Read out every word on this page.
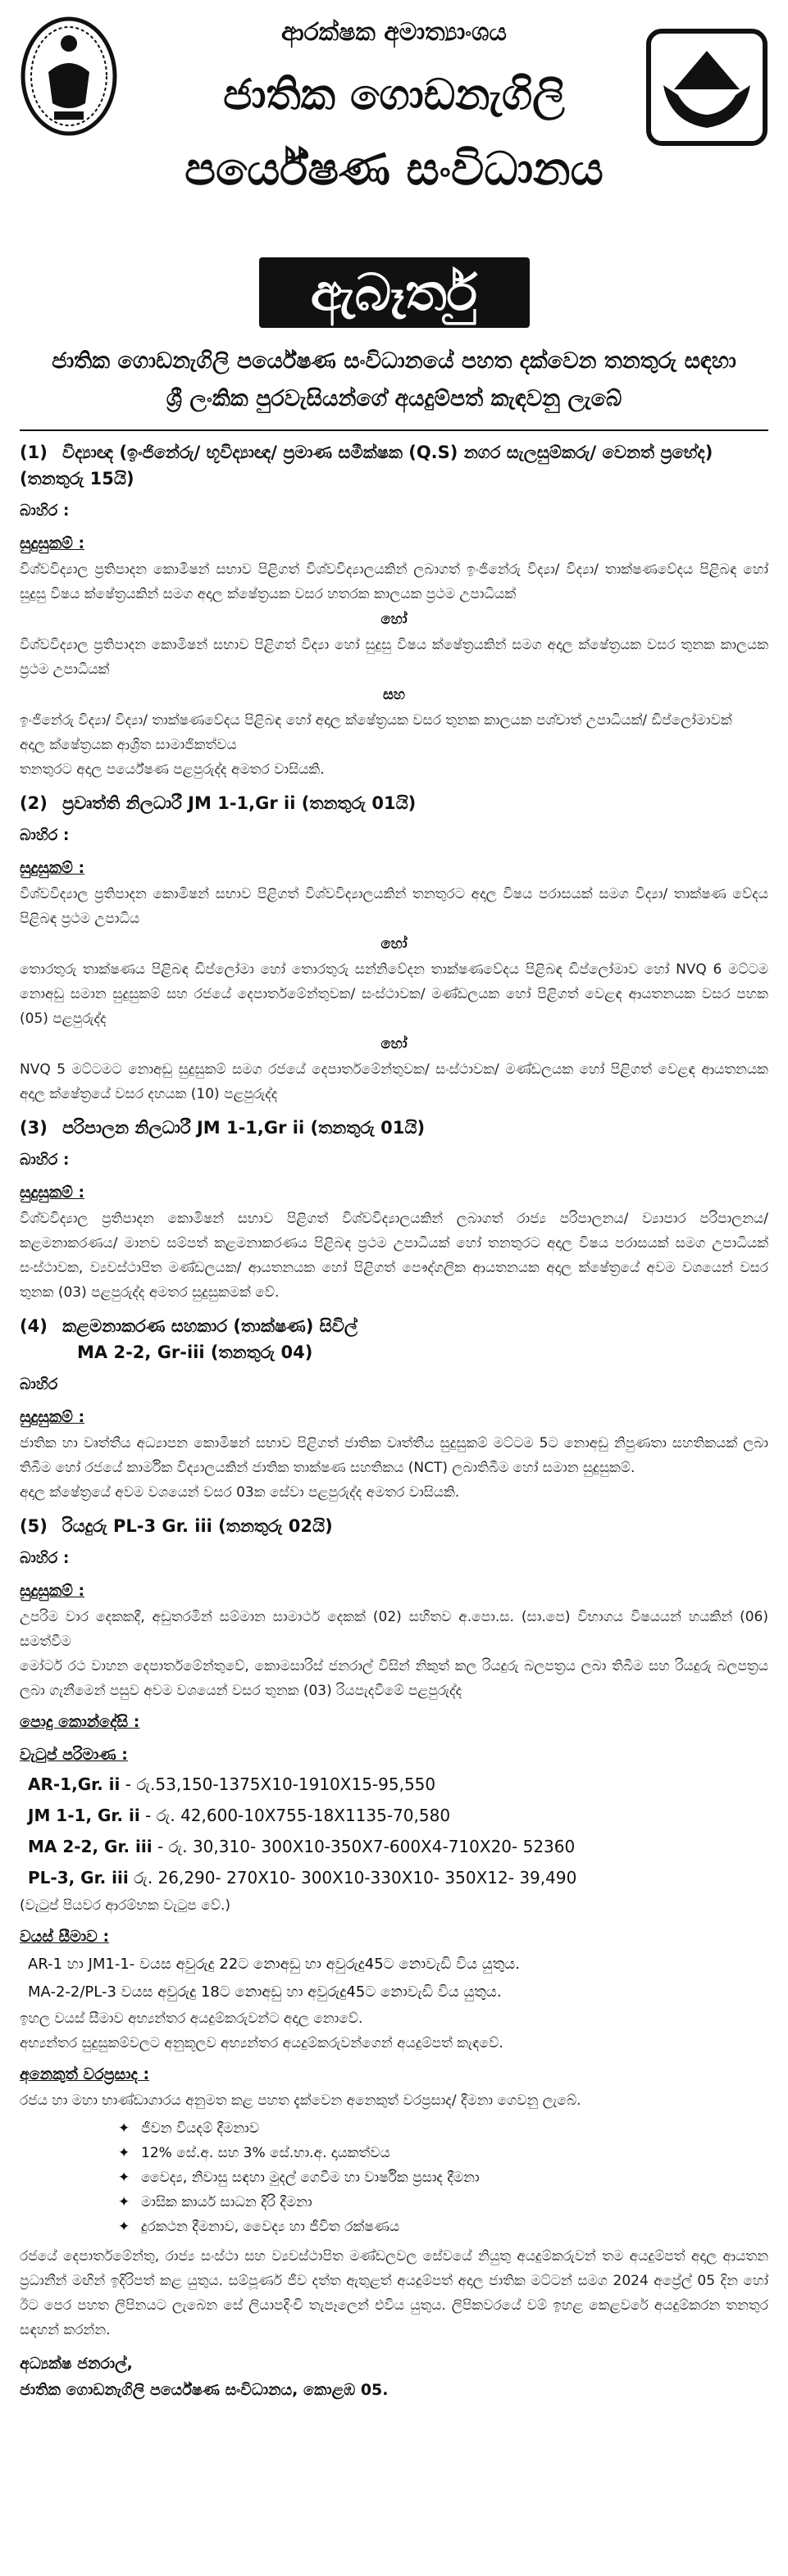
ආරක්ෂක අමාත්‍යාංශය
ජාතික ගොඩනැගිලි
පර්යේෂණ සංවිධානය
ඇබෑර්තු
ජාතික ගොඩනැගිලි පර්යේෂණ සංවිධානයේ පහත දක්වෙන තනතුරු සඳහා
ශ්‍රී ලංකික පුරවැසියන්ගේ අයදුම්පත් කැඳවනු ලැබේ
(1) විද්‍යාඥ (ඉංජිනේරු/ භූවිද්‍යාඥ/ ප්‍රමාණ සමීක්ෂක (Q.S) නගර සැලසුම්කරු/ වෙනත් ප්‍රභේද) (තනතුරු 15යි)
බාහිර :
සුදුසුකම් :
විශ්වවිද්‍යාල ප්‍රතිපාදන කොමිෂන් සභාව පිළිගත් විශ්වවිද්‍යාලයකින් ලබාගත් ඉංජිනේරු විද්‍යා/ විද්‍යා/ තාක්ෂණවේදය පිළිබඳ හෝ සුදුසු විෂය ක්ෂේත්‍රයකින් සමග අදාල ක්ෂේත්‍රයක වසර හතරක කාලයක ප්‍රථම උපාධියක්
හෝ
විශ්වවිද්‍යාල ප්‍රතිපාදන කොමිෂන් සභාව පිළිගත් විද්‍යා හෝ සුදුසු විෂය ක්ෂේත්‍රයකින් සමග අදාල ක්ෂේත්‍රයක වසර තුනක කාලයක ප්‍රථම උපාධියක්
සහ
ඉංජිනේරු විද්‍යා/ විද්‍යා/ තාක්ෂණවේදය පිළිබඳ හෝ අදාල ක්ෂේත්‍රයක වසර තුනක කාලයක පශ්චාත් උපාධියක්/ ඩිප්ලෝමාවක්
අදාල ක්ෂේත්‍රයක ආශ්‍රිත සාමාජිකත්වය
තනතුරට අදාල පර්යේෂණ පළපුරුද්ද අමතර වාසියකි.
(2) ප්‍රවෘත්ති නිලධාරී JM 1-1,Gr ii (තනතුරු 01යි)
බාහිර :
සුදුසුකම් :
විශ්වවිද්‍යාල ප්‍රතිපාදන කොමිෂන් සභාව පිළිගත් විශ්වවිද්‍යාලයකින් තනතුරට අදාල විෂය පරාසයක් සමග විද්‍යා/ තාක්ෂණ වේදය පිළිබඳ ප්‍රථම උපාධිය
හෝ
තොරතුරු තාක්ෂණය පිළිබඳ ඩිප්ලෝමා හෝ තොරතුරු සන්නිවේදන තාක්ෂණවේදය පිළිබඳ ඩිප්ලෝමාව හෝ NVQ 6 මට්ටම නොඅඩු සමාන සුදුසුකම් සහ රජයේ දෙපාර්තමේන්තුවක/ සංස්ථාවක/ මණ්ඩලයක හෝ පිළිගත් වෙළඳ ආයතනයක වසර පහක (05) පළපුරුද්ද
හෝ
NVQ 5 මට්ටමට නොඅඩු සුදුසුකම් සමග රජයේ දෙපාර්තමේන්තුවක/ සංස්ථාවක/ මණ්ඩලයක හෝ පිළිගත් වෙළඳ ආයතනයක අදාල ක්ෂේත්‍රයේ වසර දහයක (10) පළපුරුද්ද
(3) පරිපාලන නිලධාරී JM 1-1,Gr ii (තනතුරු 01යි)
බාහිර :
සුදුසුකම් :
විශ්වවිද්‍යාල ප්‍රතිපාදන කොමිෂන් සභාව පිළිගත් විශ්වවිද්‍යාලයකින් ලබාගත් රාජ්‍ය පරිපාලනය/ ව්‍යාපාර පරිපාලනය/ කළමනාකරණය/ මානව සම්පත් කළමනාකරණය පිළිබඳ ප්‍රථම උපාධියක් හෝ තනතුරට අදාල විෂය පරාසයක් සමග උපාධියක් සංස්ථාවක, ව්‍යවස්ථාපිත මණ්ඩලයක/ ආයතනයක හෝ පිළිගත් පෞද්ගලික ආයතනයක අදාල ක්ෂේත්‍රයේ අවම වශයෙන් වසර තුනක (03) පළපුරුද්ද අමතර සුදුසුකමක් වේ.
(4) කළමනාකරණ සහකාර (තාක්ෂණ) සිවිල්
MA 2-2, Gr-iii (තනතුරු 04)
බාහිර
සුදුසුකම් :
ජාතික හා වෘත්තීය අධ්‍යාපන කොමිෂන් සභාව පිළිගත් ජාතික වෘත්තීය සුදුසුකම් මට්ටම 5ට නොඅඩු නිපුණතා සහතිකයක් ලබා තිබීම හෝ රජයේ කාර්මික විද්‍යාලයකින් ජාතික තාක්ෂණ සහතිකය (NCT) ලබාතිබීම හෝ සමාන සුදුසුකම්.
අදාල ක්ෂේත්‍රයේ අවම වශයෙන් වසර 03ක සේවා පළපුරුද්ද අමතර වාසියකි.
(5) රියදුරු PL-3 Gr. iii (තනතුරු 02යි)
බාහිර :
සුදුසුකම් :
උපරිම වාර දෙකකදී, අඩුතරමින් සම්මාන සාමාර්ථ දෙකක් (02) සහිතව අ.පො.ස. (සා.පෙ) විභාගය විෂයයන් හයකින් (06) සමත්වීම
මෝටර් රථ වාහන දෙපාර්තමේන්තුවේ, කොමසාරිස් ජනරාල් විසින් නිකුත් කල රියදුරු බලපත්‍රය ලබා තිබීම සහ රියදුරු බලපත්‍රය ලබා ගැනීමෙන් පසුව අවම වශයෙන් වසර තුනක (03) රියපැදවීමේ පළපුරුද්ද
පොදු කොන්දේසි :
වැටුප් පරිමාණ :
AR-1,Gr. ii - රු.53,150-1375X10-1910X15-95,550
JM 1-1, Gr. ii - රු. 42,600-10X755-18X1135-70,580
MA 2-2, Gr. iii - රු. 30,310- 300X10-350X7-600X4-710X20- 52360
PL-3, Gr. iii රු. 26,290- 270X10- 300X10-330X10- 350X12- 39,490
(වැටුප් පියවර ආරම්භක වැටුප වේ.)
වයස් සීමාව :
AR-1 හා JM1-1- වයස අවුරුදු 22ට නොඅඩු හා අවුරුදු45ට නොවැඩි විය යුතුය.
MA-2-2/PL-3 වයස අවුරුදු 18ට නොඅඩු හා අවුරුදු45ට නොවැඩි විය යුතුය.
ඉහල වයස් සීමාව අභ්‍යන්තර අයදුම්කරුවන්ට අදාල නොවේ.
අභ්‍යන්තර සුදුසුකම්වලට අනුකූලව අභ්‍යන්තර අයදුම්කරුවන්ගෙන් අයදුම්පත් කැඳවේ.
අනෙකුත් වරප්‍රසාද :
රජය හා මහා භාණ්ඩාගාරය අනුමත කළ පහත දැක්වෙන අනෙකුත් වරප්‍රසාද/ දීමනා ගෙවනු ලැබේ.
✦ ජීවන වියදම් දීමනාව
✦ 12% සේ.අ. සහ 3% සේ.භා.අ. දායකත්වය
✦ වෛද්‍ය, නිවාසු සඳහා මුදල් ගෙවීම හා වාර්ෂික ප්‍රසාද දීමනා
✦ මාසික කාර්ය සාධන දිරි දීමනා
✦ දුරකථන දීමනාව, වෛද්‍ය හා ජීවිත රක්ෂණය
රජයේ දෙපාර්තමේන්තු, රාජ්‍ය සංස්ථා සහ ව්‍යවස්ථාපිත මණ්ඩලවල සේවයේ නියුතු අයදුම්කරුවන් තම අයදුම්පත් අදාල ආයතන ප්‍රධානීන් මඟින් ඉදිරිපත් කළ යුතුය. සම්පූර්ණ ජීව දත්ත ඇතුළත් අයදුම්පත් අදාල ජාතික මට්ටන් සමග 2024 අප්‍රේල් 05 දින හෝ ඊට පෙර පහත ලිපිනයට ලැබෙන සේ ලියාපදිංචි තැපෑලෙන් එවිය යුතුය. ලිපිකවරයේ වම් ඉහළ කෙළවරේ අයදුම්කරන තනතුර සඳහන් කරන්න.
අධ්‍යක්ෂ ජනරාල්,
ජාතික ගොඩනැගිලි පර්යේෂණ සංවිධානය, කොළඹ 05.
